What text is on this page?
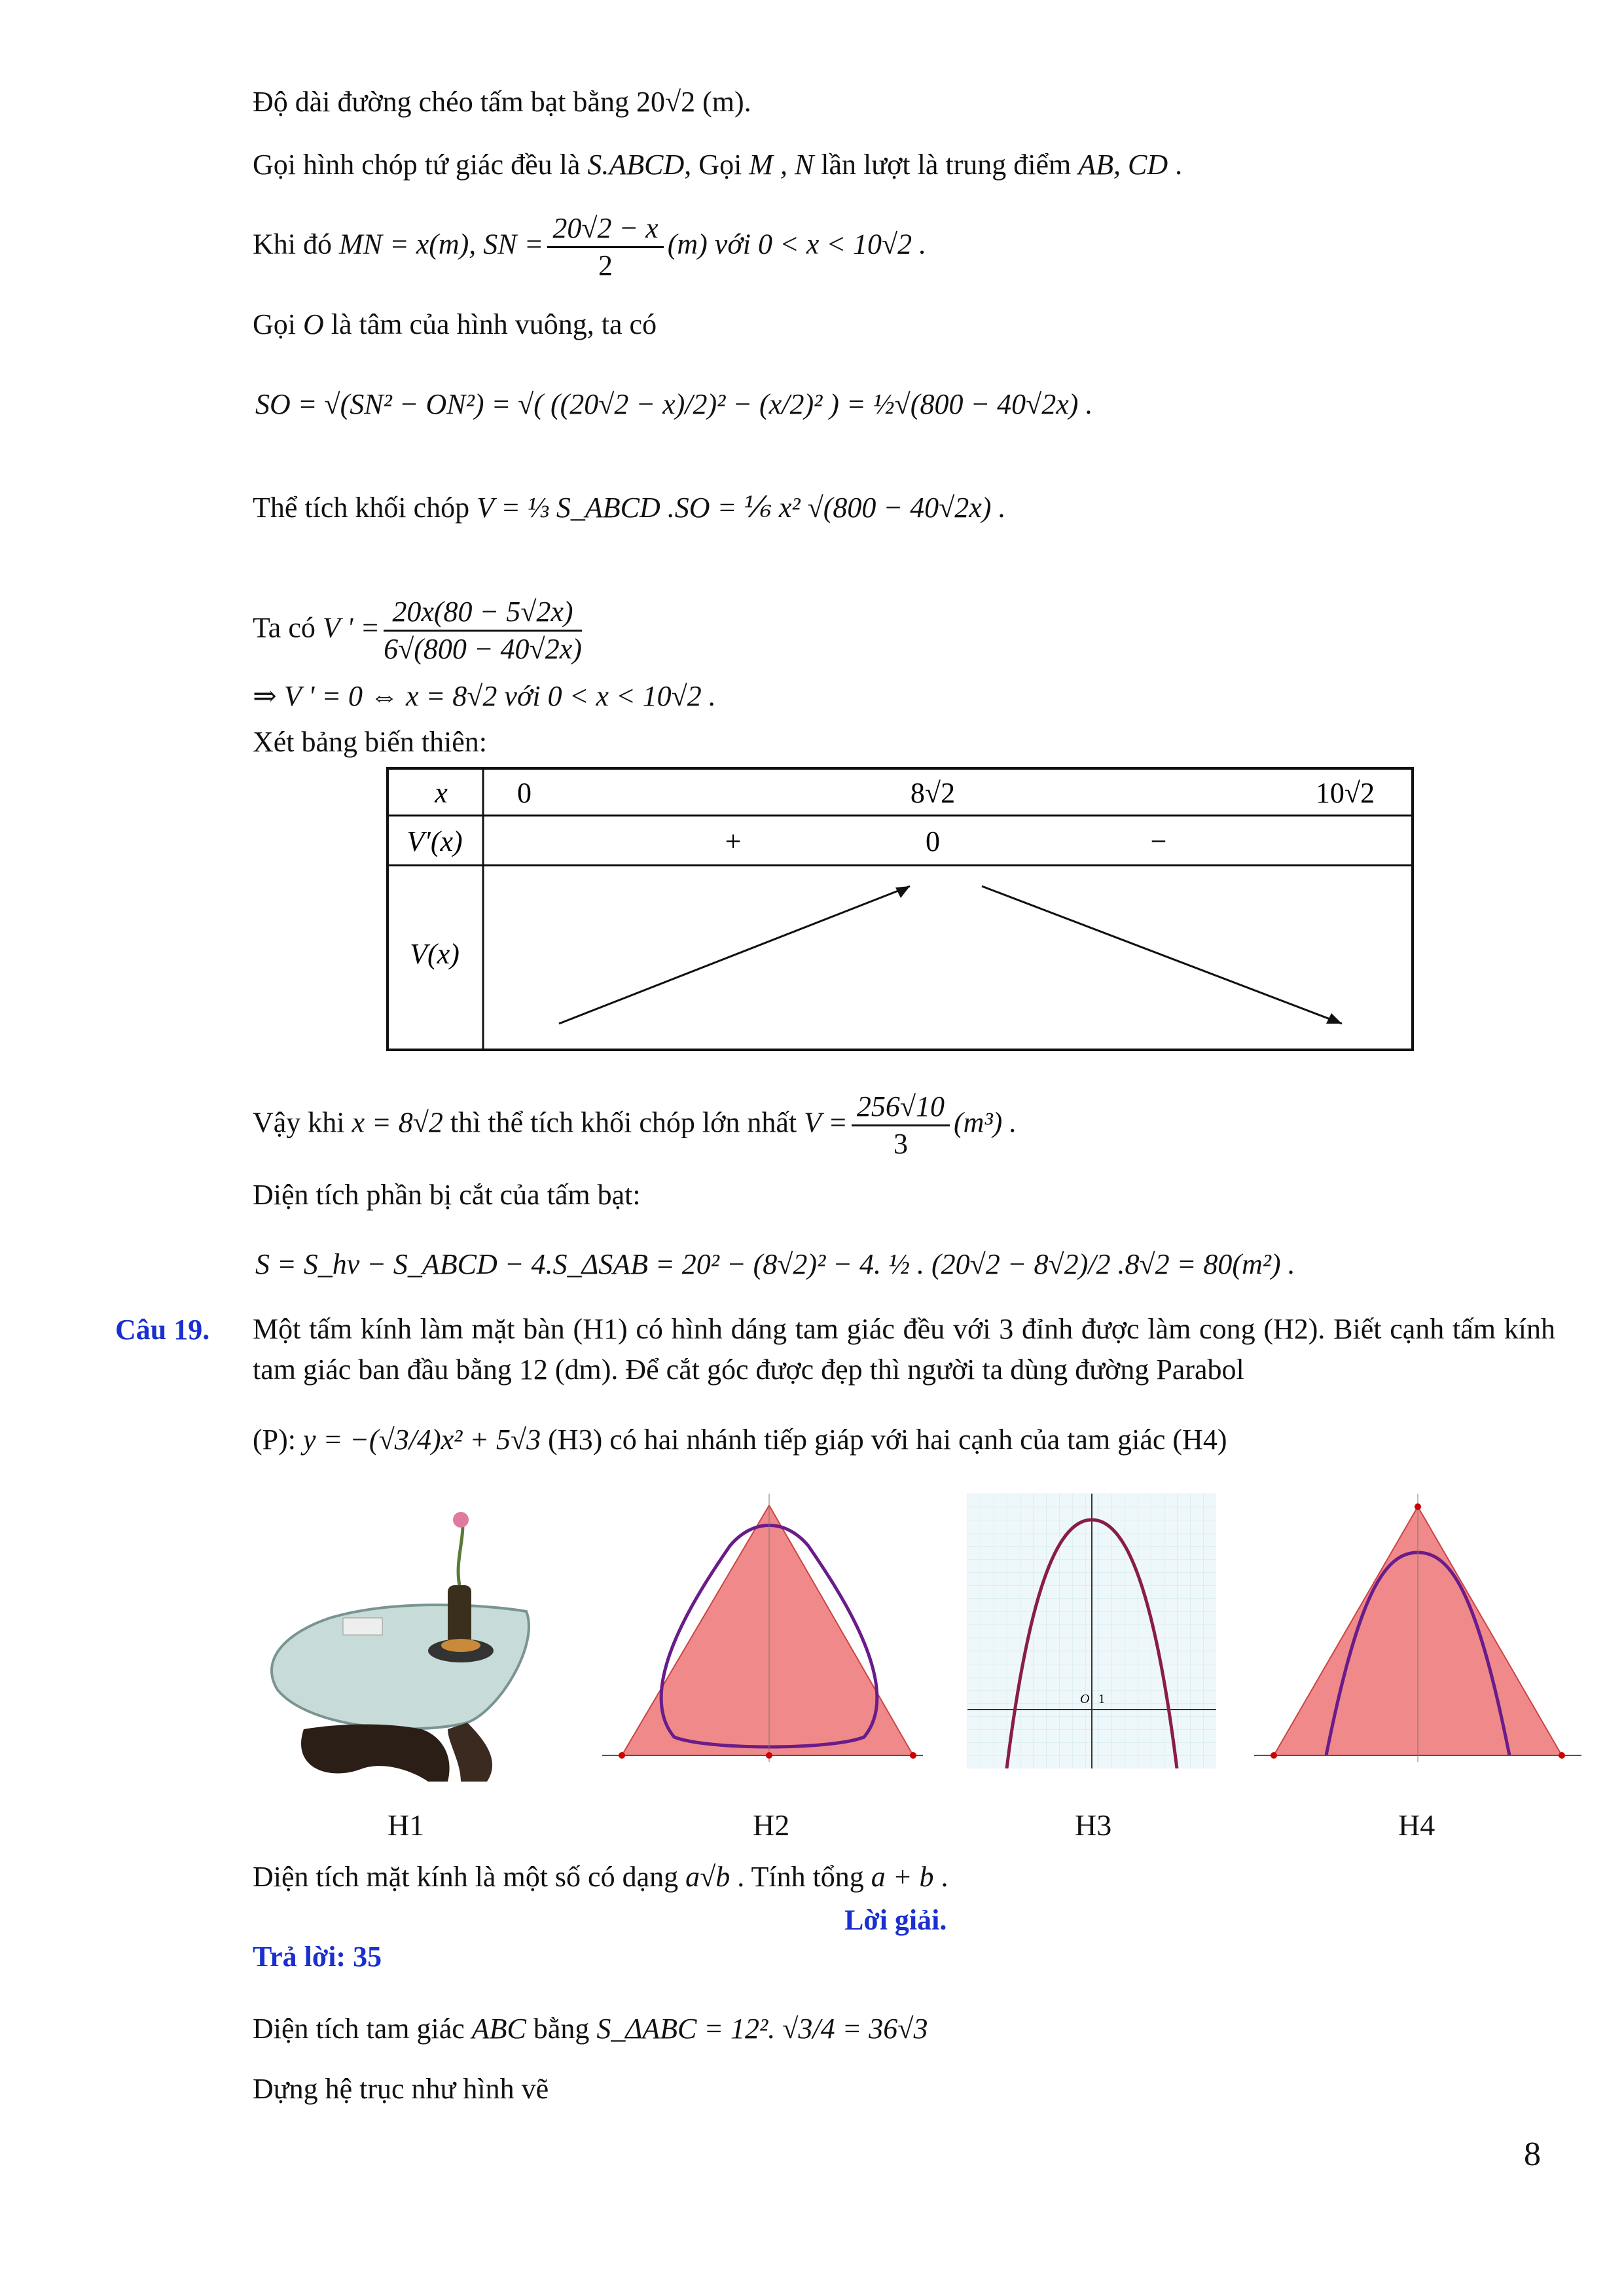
Độ dài đường chéo tấm bạt bằng 20√2 (m).
Gọi hình chóp tứ giác đều là S.ABCD, Gọi M , N lần lượt là trung điểm AB, CD .
Khi đó MN = x(m), SN = $\frac{20√2 - x}{2} (m)$ với 0 < x < 10√2 .
Gọi O là tâm của hình vuông, ta có
SO = √(SN² − ON²) = √( ((20√2 − x)/2)² − (x/2)² ) = ½√(800 − 40√2x) .
Thể tích khối chóp V = ⅓ S_ABCD .SO = ⅙ x² √(800 − 40√2x) .
Ta có V ' = $\frac{20x(80 - 5√2x)}{6√(800 - 40√2x)}$
⇒ V ' = 0 ⇔ x = 8√2 với 0 < x < 10√2 .
Xét bảng biến thiên:
x 0	8√2	10√2
V′(x)	+	0	−
V(x)
Vậy khi x = 8√2 thì thể tích khối chóp lớn nhất $V = \frac{256√10}{3} (m^3)$ .
Diện tích phần bị cắt của tấm bạt:
S = S_hv − S_ABCD − 4.S_ΔSAB = 20² − (8√2)² − 4. ½ . (20√2 − 8√2)/2 .8√2 = 80(m²) .
Câu 19. Một tấm kính làm mặt bàn (H1) có hình dáng tam giác đều với 3 đỉnh được làm cong (H2). Biết cạnh tấm kính tam giác ban đầu bằng 12 (dm). Để cắt góc được đẹp thì người ta dùng đường Parabol
(P): y = −(√3/4)x² + 5√3 (H3) có hai nhánh tiếp giáp với hai cạnh của tam giác (H4)
O 1
H1	H2	H3	H4
Diện tích mặt kính là một số có dạng a√b . Tính tổng a + b .
Lời giải.
Trả lời: 35
Diện tích tam giác ABC bằng S_ΔABC = 12². √3/4 = 36√3
Dựng hệ trục như hình vẽ
8
